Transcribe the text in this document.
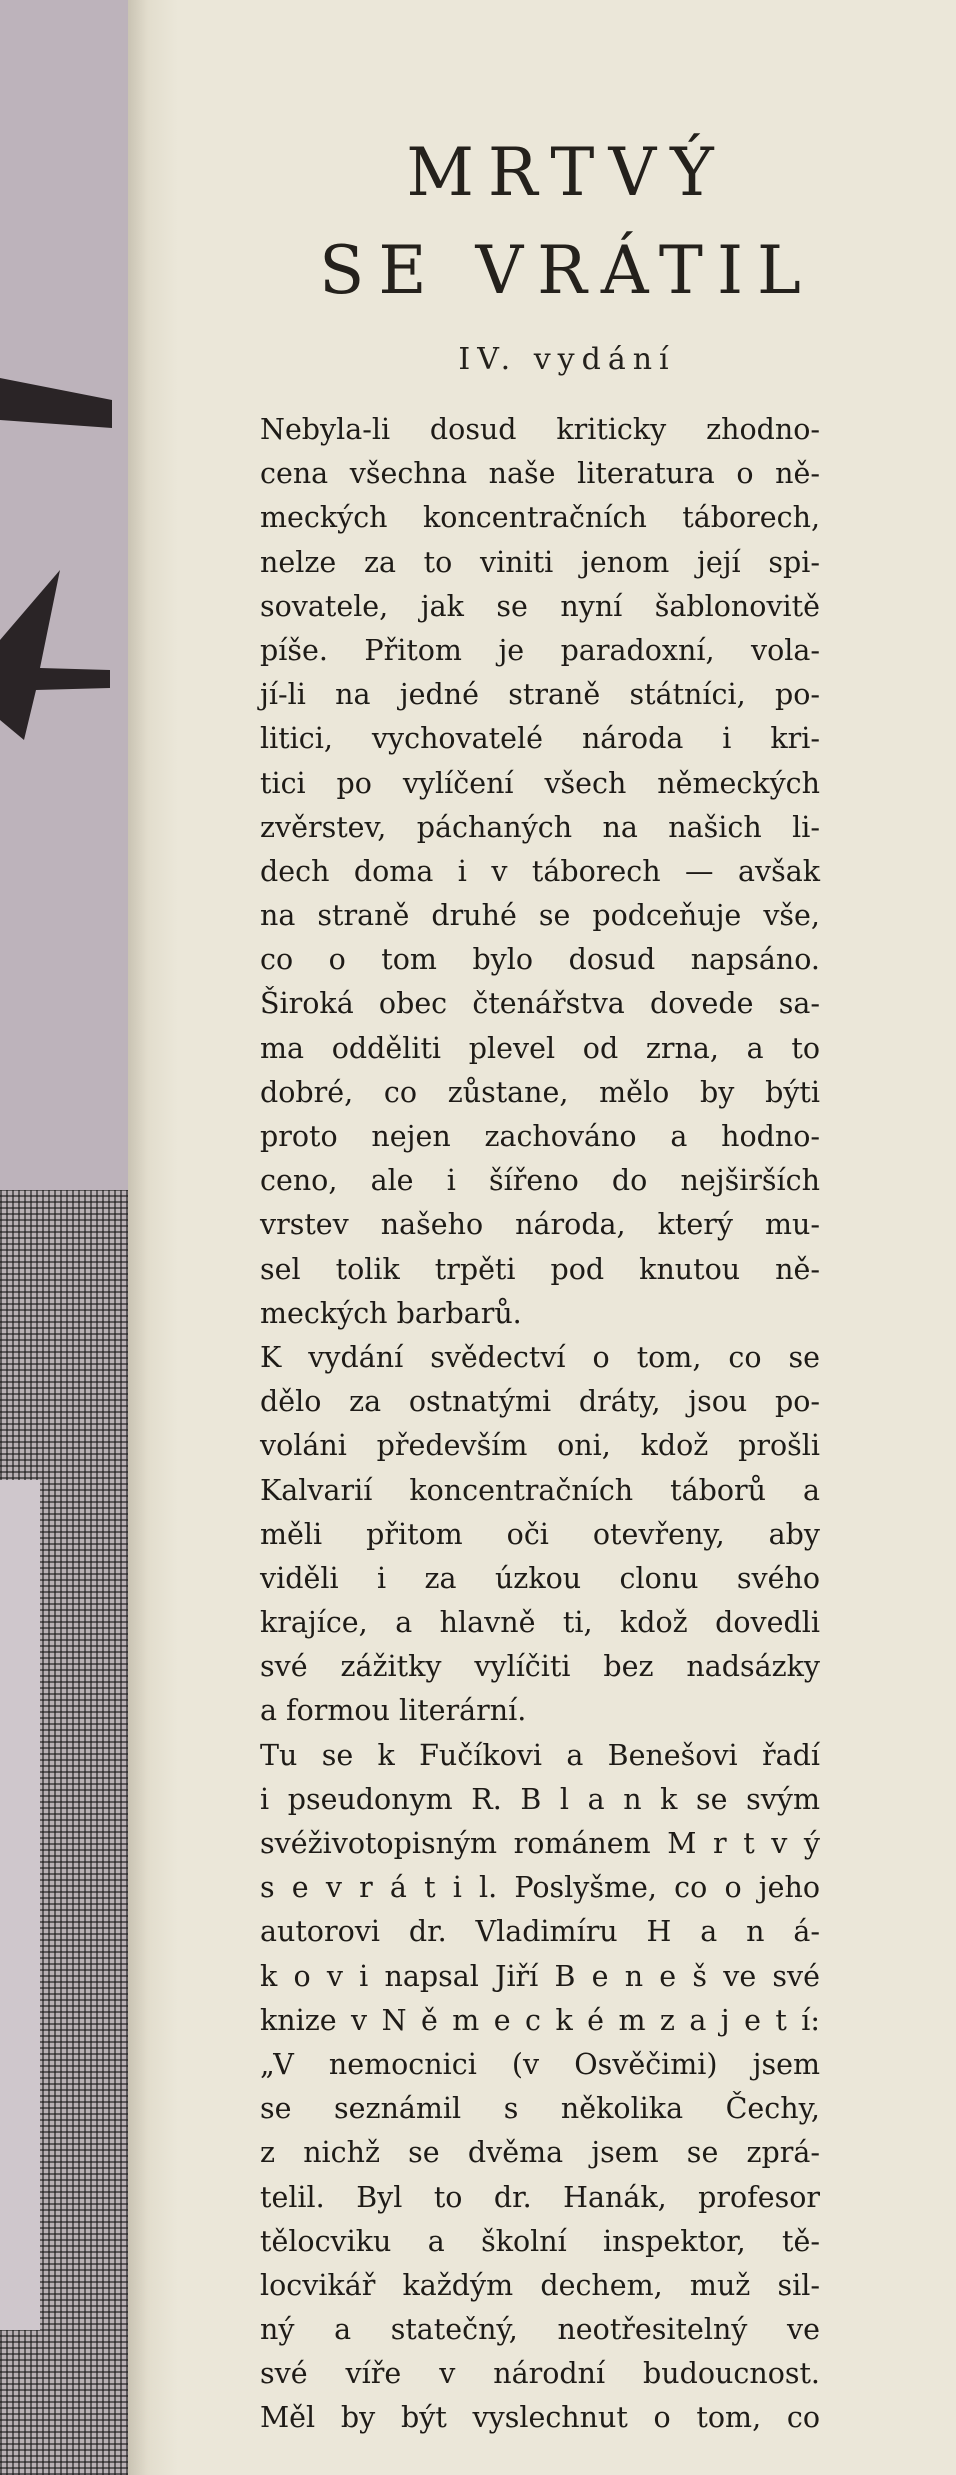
MRTVÝ
SE VRÁTIL
IV. vydání
Nebyla-li dosud kriticky zhodno-
cena všechna naše literatura o ně-
meckých koncentračních táborech,
nelze za to viniti jenom její spi-
sovatele, jak se nyní šablonovitě
píše. Přitom je paradoxní, vola-
jí-li na jedné straně státníci, po-
litici, vychovatelé národa i kri-
tici po vylíčení všech německých
zvěrstev, páchaných na našich li-
dech doma i v táborech — avšak
na straně druhé se podceňuje vše,
co o tom bylo dosud napsáno.
Široká obec čtenářstva dovede sa-
ma odděliti plevel od zrna, a to
dobré, co zůstane, mělo by býti
proto nejen zachováno a hodno-
ceno, ale i šířeno do nejširších
vrstev našeho národa, který mu-
sel tolik trpěti pod knutou ně-
meckých barbarů.
K vydání svědectví o tom, co se
dělo za ostnatými dráty, jsou po-
voláni především oni, kdož prošli
Kalvarií koncentračních táborů a
měli přitom oči otevřeny, aby
viděli i za úzkou clonu svého
krajíce, a hlavně ti, kdož dovedli
své zážitky vylíčiti bez nadsázky
a formou literární.
Tu se k Fučíkovi a Benešovi řadí
i pseudonym R. B l a n k se svým
svéživotopisným románem M r t v ý
s e v r á t i l. Poslyšme, co o jeho
autorovi dr. Vladimíru H a n á-
k o v i napsal Jiří B e n e š ve své
knize v N ě m e c k é m z a j e t í:
„V nemocnici (v Osvěčimi) jsem
se seznámil s několika Čechy,
z nichž se dvěma jsem se zprá-
telil. Byl to dr. Hanák, profesor
tělocviku a školní inspektor, tě-
locvikář každým dechem, muž sil-
ný a statečný, neotřesitelný ve
své víře v národní budoucnost.
Měl by být vyslechnut o tom, co
